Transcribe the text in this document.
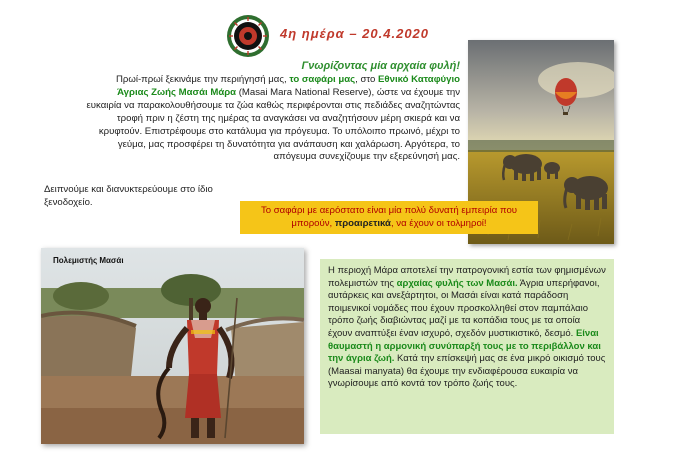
4η ημέρα – 20.4.2020
Γνωρίζοντας μία αρχαία φυλή!
Πρωί-πρωί ξεκινάμε την περιήγησή μας, το σαφάρι μας, στο Εθνικό Καταφύγιο Άγριας Ζωής Μασάι Μάρα (Masai Mara National Reserve), ώστε να έχουμε την ευκαιρία να παρακολουθήσουμε τα ζώα καθώς περιφέρονται στις πεδιάδες αναζητώντας τροφή πριν η ζέστη της ημέρας τα αναγκάσει να αναζητήσουν μέρη σκιερά και να κρυφτούν. Επιστρέφουμε στο κατάλυμα για πρόγευμα. Το υπόλοιπο πρωινό, μέχρι το γεύμα, μας προσφέρει τη δυνατότητα για ανάπαυση και χαλάρωση. Αργότερα, το απόγευμα συνεχίζουμε την εξερεύνησή μας.
Δειπνούμε και διανυκτερεύουμε στο ίδιο ξενοδοχείο.
Το σαφάρι με αερόστατο είναι μία πολύ δυνατή εμπειρία που μπορούν, προαιρετικά, να έχουν οι τολμηροί!
Πολεμιστής Μασάι
Η περιοχή Μάρα αποτελεί την πατρογονική εστία των φημισμένων πολεμιστών της αρχαίας φυλής των Μασάι. Άγρια υπερήφανοι, αυτάρκεις και ανεξάρτητοι, οι Μασάι είναι κατά παράδοση ποιμενικοί νομάδες που έχουν προσκολληθεί στον παμπάλαιο τρόπο ζωής διαβιώντας μαζί με τα κοπάδια τους με τα οποία έχουν αναπτύξει έναν ισχυρό, σχεδόν μυστικιστικό, δεσμό. Είναι θαυμαστή η αρμονική συνύπαρξή τους με το περιβάλλον και την άγρια ζωή. Κατά την επίσκεψή μας σε ένα μικρό οικισμό τους (Maasai manyata) θα έχουμε την ενδιαφέρουσα ευκαιρία να γνωρίσουμε από κοντά τον τρόπο ζωής τους.
